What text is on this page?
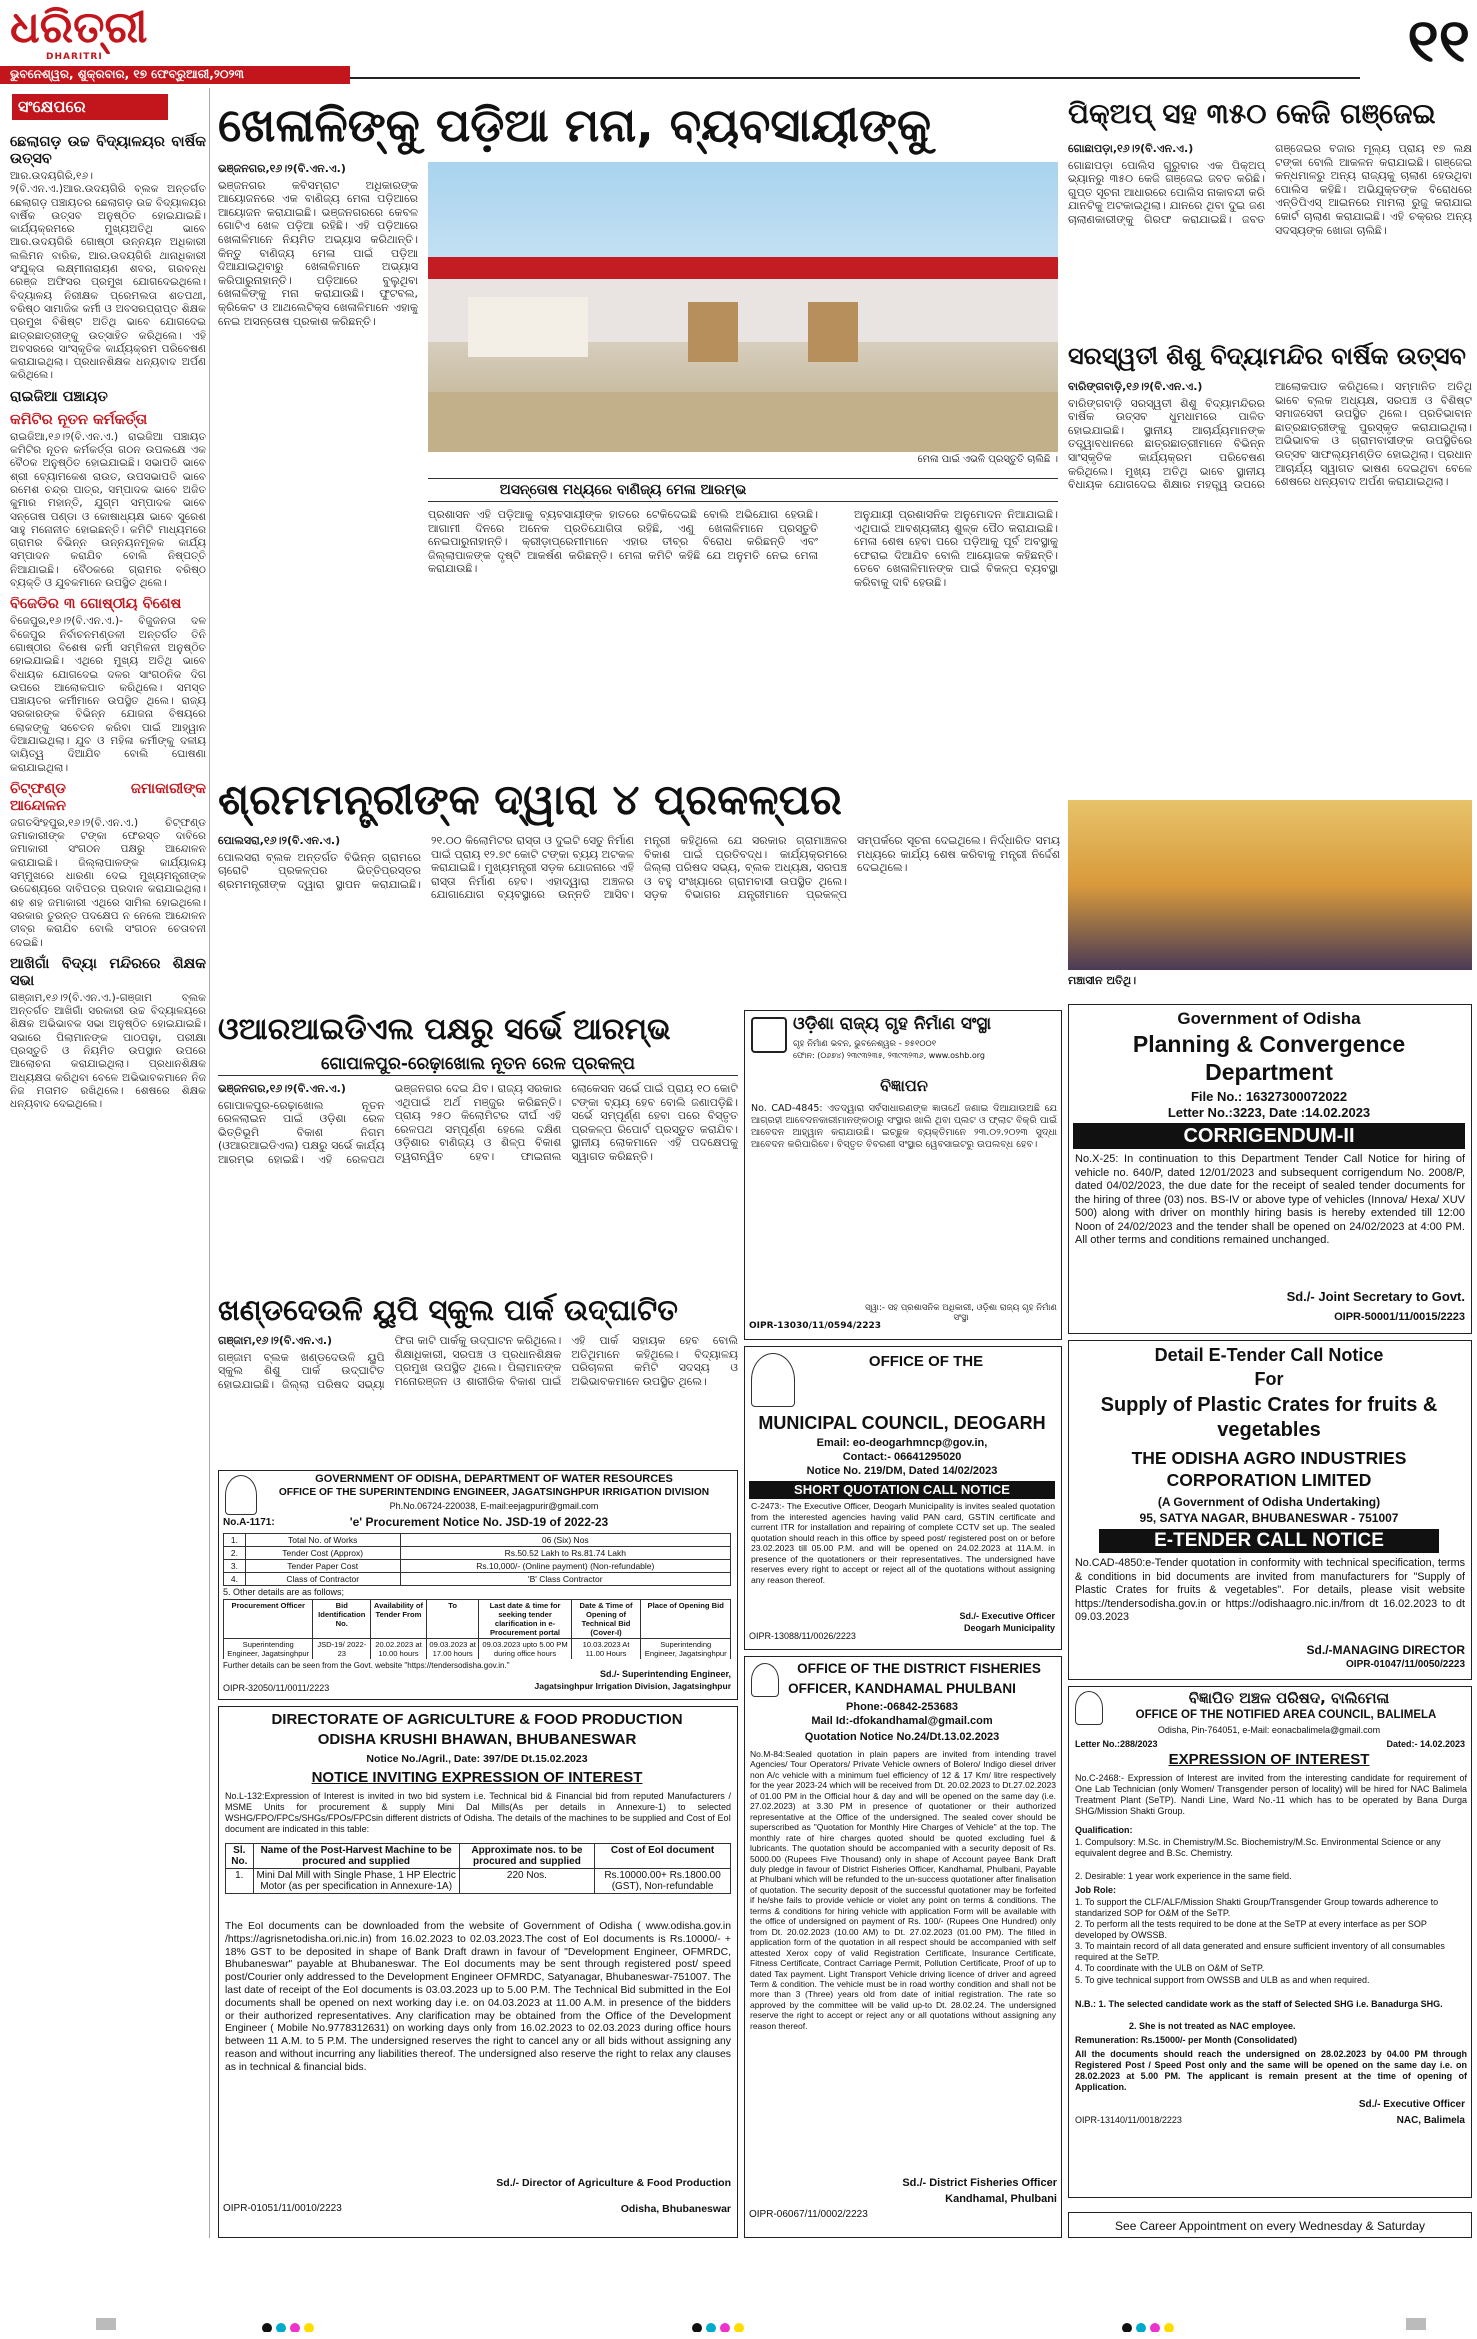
ଧରିତ୍ରୀ
DHARITRI
ଭୁବନେଶ୍ୱର, ଶୁକ୍ରବାର, ୧୭ ଫେବ୍ରୁଆରୀ,୨୦୨୩	୧୧
ସଂକ୍ଷେପରେ
ଛେଲାଗଡ଼ ଉଚ୍ଚ ବିଦ୍ୟାଳୟର ବାର୍ଷିକ ଉତ୍ସବ

ଆର.ଉଦୟଗିରି,୧୬।୨(ବି.ଏନ.ଏ.)ଆର.ଉଦୟଗିରି ବ୍ଲକ ଅନ୍ତର୍ଗତ ଛେଲାଗଡ଼ ପଞ୍ଚାୟତର ଛେଲାଗଡ଼ ଉଚ୍ଚ ବିଦ୍ୟାଳୟର ବାର୍ଷିକ ଉତ୍ସବ ଅନୁଷ୍ଠିତ ହୋଇଯାଇଛି। କାର୍ଯ୍ୟକ୍ରମରେ ମୁଖ୍ୟଅତିଥି ଭାବେ ଆର.ଉଦୟଗିରି ଗୋଷ୍ଠୀ ଉନ୍ନୟନ ଅଧିକାରୀ ଲଲିମନ ବାରିକ, ଆର.ଉଦୟଗିରି ଥାନାଧିକାରୀ ସଂଯୁକ୍ତା ଲକ୍ଷ୍ମୀନାରାୟଣ ଶବର, ଗରବନ୍ଧ ରେଞ୍ଜ ଅଫିସର ପ୍ରମୁଖ ଯୋଗଦେଇଥିଲେ। ବିଦ୍ୟାଳୟ ନିରୀକ୍ଷକ ପ୍ରେମଲତା ଶତପଥୀ, ବରିଷ୍ଠ ସାମାଜିକ କର୍ମୀ ଓ ଅବସରପ୍ରାପ୍ତ ଶିକ୍ଷକ ପ୍ରମୁଖ ବିଶିଷ୍ଟ ଅତିଥି ଭାବେ ଯୋଗଦେଇ ଛାତ୍ରଛାତ୍ରୀଙ୍କୁ ଉତ୍ସାହିତ କରିଥିଲେ। ଏହି ଅବସରରେ ସାଂସ୍କୃତିକ କାର୍ଯ୍ୟକ୍ରମ ପରିବେଷଣ କରାଯାଇଥିଲା। ପ୍ରଧାନଶିକ୍ଷକ ଧନ୍ୟବାଦ ଅର୍ପଣ କରିଥିଲେ।

ରାଇଜିଆ ପଞ୍ଚାୟତ
କମିଟିର ନୂତନ କର୍ମକର୍ତ୍ତା

ରାଇଜିଆ,୧୬।୨(ବି.ଏନ.ଏ.) ରାଇଜିଆ ପଞ୍ଚାୟତ କମିଟିର ନୂତନ କର୍ମକର୍ତ୍ତା ଗଠନ ଉପଲକ୍ଷେ ଏକ ବୈଠକ ଅନୁଷ୍ଠିତ ହୋଇଯାଇଛି। ସଭାପତି ଭାବେ ଶ୍ରୀ ବ୍ୟୋମକେଶ ରାଉତ, ଉପସଭାପତି ଭାବେ ରମେଶ ଚନ୍ଦ୍ର ପାତ୍ର, ସମ୍ପାଦକ ଭାବେ ଅଜିତ କୁମାର ମହାନ୍ତି, ଯୁଗ୍ମ ସମ୍ପାଦକ ଭାବେ ସନ୍ତୋଷ ପଣ୍ଡା ଓ କୋଷାଧ୍ୟକ୍ଷ ଭାବେ ସୁରେଶ ସାହୁ ମନୋନୀତ ହୋଇଛନ୍ତି। କମିଟି ମାଧ୍ୟମରେ ଗ୍ରାମର ବିଭିନ୍ନ ଉନ୍ନୟନମୂଳକ କାର୍ଯ୍ୟ ସମ୍ପାଦନ କରାଯିବ ବୋଲି ନିଷ୍ପତ୍ତି ନିଆଯାଇଛି। ବୈଠକରେ ଗ୍ରାମର ବରିଷ୍ଠ ବ୍ୟକ୍ତି ଓ ଯୁବକମାନେ ଉପସ୍ଥିତ ଥିଲେ।

ବିଜେଡିର ୩ ଗୋଷ୍ଠୀୟ ବିଶେଷ

ବିଜେପୁର,୧୬।୨(ବି.ଏନ.ଏ.)- ବିଜୁଜନତା ଦଳ ବିଜେପୁର ନିର୍ବାଚନମଣ୍ଡଳୀ ଅନ୍ତର୍ଗତ ତିନି ଗୋଷ୍ଠୀର ବିଶେଷ କର୍ମୀ ସମ୍ମିଳନୀ ଅନୁଷ୍ଠିତ ହୋଇଯାଇଛି। ଏଥିରେ ମୁଖ୍ୟ ଅତିଥି ଭାବେ ବିଧାୟକ ଯୋଗଦେଇ ଦଳର ସାଂଗଠନିକ ଦିଗ ଉପରେ ଆଲୋକପାତ କରିଥିଲେ। ସମସ୍ତ ପଞ୍ଚାୟତର କର୍ମୀମାନେ ଉପସ୍ଥିତ ଥିଲେ। ରାଜ୍ୟ ସରକାରଙ୍କ ବିଭିନ୍ନ ଯୋଜନା ବିଷୟରେ ଲୋକଙ୍କୁ ସଚେତନ କରିବା ପାଇଁ ଆହ୍ୱାନ ଦିଆଯାଇଥିଲା। ଯୁବ ଓ ମହିଳା କର୍ମୀଙ୍କୁ ଦଳୀୟ ଦାୟିତ୍ୱ ଦିଆଯିବ ବୋଲି ଘୋଷଣା କରାଯାଇଥିଲା।

ଚିଟ୍‌ଫଣ୍ଡ ଜମାକାରୀଙ୍କ ଆନ୍ଦୋଳନ

ଜଗତସିଂହପୁର,୧୬।୨(ବି.ଏନ.ଏ.) ଚିଟ୍‌ଫଣ୍ଡ ଜମାକାରୀଙ୍କ ଟଙ୍କା ଫେରସ୍ତ ଦାବିରେ ଜମାକାରୀ ସଂଗଠନ ପକ୍ଷରୁ ଆନ୍ଦୋଳନ କରାଯାଇଛି। ଜିଲ୍ଲାପାଳଙ୍କ କାର୍ଯ୍ୟାଳୟ ସମ୍ମୁଖରେ ଧାରଣା ଦେଇ ମୁଖ୍ୟମନ୍ତ୍ରୀଙ୍କ ଉଦ୍ଦେଶ୍ୟରେ ଦାବିପତ୍ର ପ୍ରଦାନ କରାଯାଇଥିଲା। ଶହ ଶହ ଜମାକାରୀ ଏଥିରେ ସାମିଲ ହୋଇଥିଲେ। ସରକାର ତୁରନ୍ତ ପଦକ୍ଷେପ ନ ନେଲେ ଆନ୍ଦୋଳନ ତୀବ୍ର କରାଯିବ ବୋଲି ସଂଗଠନ ଚେତାବନୀ ଦେଇଛି।

ଆଖିଗାଁ ବିଦ୍ୟା ମନ୍ଦିରରେ ଶିକ୍ଷକ ସଭା

ଗଞ୍ଜାମ,୧୬।୨(ବି.ଏନ.ଏ.)-ଗଞ୍ଜାମ ବ୍ଲକ ଅନ୍ତର୍ଗତ ଆଖିଗାଁ ସରକାରୀ ଉଚ୍ଚ ବିଦ୍ୟାଳୟରେ ଶିକ୍ଷକ ଅଭିଭାବକ ସଭା ଅନୁଷ୍ଠିତ ହୋଇଯାଇଛି। ସଭାରେ ପିଲାମାନଙ୍କ ପାଠପଢ଼ା, ପରୀକ୍ଷା ପ୍ରସ୍ତୁତି ଓ ନିୟମିତ ଉପସ୍ଥାନ ଉପରେ ଆଲୋଚନା କରାଯାଇଥିଲା। ପ୍ରଧାନଶିକ୍ଷକ ଅଧ୍ୟକ୍ଷତା କରିଥିବା ବେଳେ ଅଭିଭାବକମାନେ ନିଜ ନିଜ ମତାମତ ରଖିଥିଲେ। ଶେଷରେ ଶିକ୍ଷକ ଧନ୍ୟବାଦ ଦେଇଥିଲେ।

ଖେଳାଳିଙ୍କୁ ପଡ଼ିଆ ମନା, ବ୍ୟବସାୟୀଙ୍କୁ

ଭଞ୍ଜନଗର,୧୬।୨(ବି.ଏନ.ଏ.)

ଭଞ୍ଜନଗର କବିସମ୍ରାଟ ଅଧିକାରଙ୍କ ଆୟୋଜନରେ ଏକ ବାଣିଜ୍ୟ ମେଳା ପଡ଼ିଆରେ ଆୟୋଜନ କରାଯାଇଛି। ଭଞ୍ଜନଗରରେ କେବଳ ଗୋଟିଏ ଖେଳ ପଡ଼ିଆ ରହିଛି। ଏହି ପଡ଼ିଆରେ ଖେଳାଳିମାନେ ନିୟମିତ ଅଭ୍ୟାସ କରିଥାନ୍ତି। କିନ୍ତୁ ବାଣିଜ୍ୟ ମେଳା ପାଇଁ ପଡ଼ିଆ ଦିଆଯାଇଥିବାରୁ ଖେଳାଳିମାନେ ଅଭ୍ୟାସ କରିପାରୁନାହାନ୍ତି। ପଡ଼ିଆରେ ବୁଲୁଥିବା ଖେଳାଳିଙ୍କୁ ମନା କରାଯାଉଛି। ଫୁଟବଲ, କ୍ରିକେଟ ଓ ଆଥଲେଟିକ୍ସ ଖେଳାଳିମାନେ ଏହାକୁ ନେଇ ଅସନ୍ତୋଷ ପ୍ରକାଶ କରିଛନ୍ତି।

ମେଳା ପାଇଁ ଏଭଳି ପ୍ରସ୍ତୁତି ଚାଲିଛି ।
ଅସନ୍ତୋଷ ମଧ୍ୟରେ ବାଣିଜ୍ୟ ମେଳା ଆରମ୍ଭ

ପ୍ରଶାସନ ଏହି ପଡ଼ିଆକୁ ବ୍ୟବସାୟୀଙ୍କ ହାତରେ ଟେକିଦେଇଛି ବୋଲି ଅଭିଯୋଗ ହେଉଛି। ଆଗାମୀ ଦିନରେ ଅନେକ ପ୍ରତିଯୋଗିତା ରହିଛି, ଏଣୁ ଖେଳାଳିମାନେ ପ୍ରସ୍ତୁତି ନେଇପାରୁନାହାନ୍ତି। କ୍ରୀଡ଼ାପ୍ରେମୀମାନେ ଏହାର ତୀବ୍ର ବିରୋଧ କରିଛନ୍ତି ଏବଂ ଜିଲ୍ଲାପାଳଙ୍କ ଦୃଷ୍ଟି ଆକର୍ଷଣ କରିଛନ୍ତି। ମେଳା କମିଟି କହିଛି ଯେ ଅନୁମତି ନେଇ ମେଳା କରାଯାଉଛି।

ଅନୁଯାୟୀ ପ୍ରଶାସନିକ ଅନୁମୋଦନ ନିଆଯାଇଛି। ଏଥିପାଇଁ ଆବଶ୍ୟକୀୟ ଶୁଳ୍କ ପୈଠ କରାଯାଇଛି। ମେଳା ଶେଷ ହେବା ପରେ ପଡ଼ିଆକୁ ପୂର୍ବ ଅବସ୍ଥାକୁ ଫେରାଇ ଦିଆଯିବ ବୋଲି ଆୟୋଜକ କହିଛନ୍ତି। ତେବେ ଖେଳାଳିମାନଙ୍କ ପାଇଁ ବିକଳ୍ପ ବ୍ୟବସ୍ଥା କରିବାକୁ ଦାବି ହେଉଛି।

ପିକ୍‌ଅପ୍‌ ସହ ୩୫୦ କେଜି ଗଞ୍ଜେଇ

ଗୋଛାପଡ଼ା,୧୬।୨(ବି.ଏନ.ଏ.)

ଗୋଛାପଡ଼ା ପୋଲିସ ଗୁରୁବାର ଏକ ପିକ୍‌ଅପ୍‌ ଭ୍ୟାନରୁ ୩୫୦ କେଜି ଗଞ୍ଜେଇ ଜବତ କରିଛି। ଗୁପ୍ତ ସୂଚନା ଆଧାରରେ ପୋଲିସ ନାକାବନ୍ଦୀ କରି ଯାନଟିକୁ ଅଟକାଇଥିଲା। ଯାନରେ ଥିବା ଦୁଇ ଜଣ ଚାଲାଣକାରୀଙ୍କୁ ଗିରଫ କରାଯାଇଛି। ଜବତ ଗଞ୍ଜେଇର ବଜାର ମୂଲ୍ୟ ପ୍ରାୟ ୧୭ ଲକ୍ଷ ଟଙ୍କା ବୋଲି ଆକଳନ କରାଯାଇଛି। ଗଞ୍ଜେଇ କନ୍ଧମାଳରୁ ଅନ୍ୟ ରାଜ୍ୟକୁ ଚାଲାଣ ହେଉଥିବା ପୋଲିସ କହିଛି। ଅଭିଯୁକ୍ତଙ୍କ ବିରୋଧରେ ଏନ୍‌ଡିପିଏସ୍ ଆଇନରେ ମାମଲା ରୁଜୁ କରାଯାଇ କୋର୍ଟ ଚାଲାଣ କରାଯାଇଛି। ଏହି ଚକ୍ରର ଅନ୍ୟ ସଦସ୍ୟଙ୍କ ଖୋଜା ଚାଲିଛି।

ସରସ୍ୱତୀ ଶିଶୁ ବିଦ୍ୟାମନ୍ଦିର ବାର୍ଷିକ ଉତ୍ସବ

ବାରିଙ୍ଗବାଡ଼ି,୧୬।୨(ବି.ଏନ.ଏ.)

ବାରିଙ୍ଗବାଡ଼ି ସରସ୍ୱତୀ ଶିଶୁ ବିଦ୍ୟାମନ୍ଦିରର ବାର୍ଷିକ ଉତ୍ସବ ଧୁମଧାମରେ ପାଳିତ ହୋଇଯାଇଛି। ସ୍ଥାନୀୟ ଆଚାର୍ଯ୍ୟମାନଙ୍କ ତତ୍ତ୍ୱାବଧାନରେ ଛାତ୍ରଛାତ୍ରୀମାନେ ବିଭିନ୍ନ ସାଂସ୍କୃତିକ କାର୍ଯ୍ୟକ୍ରମ ପରିବେଷଣ କରିଥିଲେ। ମୁଖ୍ୟ ଅତିଥି ଭାବେ ସ୍ଥାନୀୟ ବିଧାୟକ ଯୋଗଦେଇ ଶିକ୍ଷାର ମହତ୍ତ୍ୱ ଉପରେ ଆଲୋକପାତ କରିଥିଲେ। ସମ୍ମାନିତ ଅତିଥି ଭାବେ ବ୍ଲକ ଅଧ୍ୟକ୍ଷ, ସରପଞ୍ଚ ଓ ବିଶିଷ୍ଟ ସମାଜସେବୀ ଉପସ୍ଥିତ ଥିଲେ। ପ୍ରତିଭାବାନ ଛାତ୍ରଛାତ୍ରୀଙ୍କୁ ପୁରସ୍କୃତ କରାଯାଇଥିଲା। ଅଭିଭାବକ ଓ ଗ୍ରାମବାସୀଙ୍କ ଉପସ୍ଥିତିରେ ଉତ୍ସବ ସାଫଲ୍ୟମଣ୍ଡିତ ହୋଇଥିଲା। ପ୍ରଧାନ ଆଚାର୍ଯ୍ୟ ସ୍ୱାଗତ ଭାଷଣ ଦେଇଥିବା ବେଳେ ଶେଷରେ ଧନ୍ୟବାଦ ଅର୍ପଣ କରାଯାଇଥିଲା।

ମଞ୍ଚାସୀନ ଅତିଥି।
ଶ୍ରମମନ୍ତ୍ରୀଙ୍କ ଦ୍ୱାରା ୪ ପ୍ରକଳ୍ପର

ପୋଲସରା,୧୬।୨(ବି.ଏନ.ଏ.)

ପୋଲସରା ବ୍ଲକ ଅନ୍ତର୍ଗତ ବିଭିନ୍ନ ଗ୍ରାମରେ ଚାରୋଟି ପ୍ରକଳ୍ପର ଭିତ୍ତିପ୍ରସ୍ତର ଶ୍ରମମନ୍ତ୍ରୀଙ୍କ ଦ୍ୱାରା ସ୍ଥାପନ କରାଯାଇଛି। ୨୧.୦୦ କିଲୋମିଟର ରାସ୍ତା ଓ ଦୁଇଟି ସେତୁ ନିର୍ମାଣ ପାଇଁ ପ୍ରାୟ ୧୨.୭୯ କୋଟି ଟଙ୍କା ବ୍ୟୟ ଅଟକଳ କରାଯାଇଛି। ମୁଖ୍ୟମନ୍ତ୍ରୀ ସଡ଼କ ଯୋଜନାରେ ଏହି ରାସ୍ତା ନିର୍ମାଣ ହେବ। ଏହାଦ୍ୱାରା ଅଞ୍ଚଳର ଯୋଗାଯୋଗ ବ୍ୟବସ୍ଥାରେ ଉନ୍ନତି ଆସିବ। ମନ୍ତ୍ରୀ କହିଥିଲେ ଯେ ସରକାର ଗ୍ରାମାଞ୍ଚଳର ବିକାଶ ପାଇଁ ପ୍ରତିବଦ୍ଧ। କାର୍ଯ୍ୟକ୍ରମରେ ଜିଲ୍ଲା ପରିଷଦ ସଭ୍ୟ, ବ୍ଲକ ଅଧ୍ୟକ୍ଷ, ସରପଞ୍ଚ ଓ ବହୁ ସଂଖ୍ୟାରେ ଗ୍ରାମବାସୀ ଉପସ୍ଥିତ ଥିଲେ। ସଡ଼କ ବିଭାଗର ଯନ୍ତ୍ରୀମାନେ ପ୍ରକଳ୍ପ ସମ୍ପର୍କରେ ସୂଚନା ଦେଇଥିଲେ। ନିର୍ଦ୍ଧାରିତ ସମୟ ମଧ୍ୟରେ କାର୍ଯ୍ୟ ଶେଷ କରିବାକୁ ମନ୍ତ୍ରୀ ନିର୍ଦ୍ଦେଶ ଦେଇଥିଲେ।

ଓଆରଆଇଡିଏଲ ପକ୍ଷରୁ ସର୍ଭେ ଆରମ୍ଭ
ଗୋପାଳପୁର-ରେଢ଼ାଖୋଲ ନୂତନ ରେଳ ପ୍ରକଳ୍ପ

ଭଞ୍ଜନଗର,୧୬।୨(ବି.ଏନ.ଏ.)

ଗୋପାଳପୁର-ରେଢ଼ାଖୋଲ ନୂତନ ରେଳଲାଇନ ପାଇଁ ଓଡ଼ିଶା ରେଳ ଭିତ୍ତିଭୂମି ବିକାଶ ନିଗମ (ଓଆରଆଇଡିଏଲ) ପକ୍ଷରୁ ସର୍ଭେ କାର୍ଯ୍ୟ ଆରମ୍ଭ ହୋଇଛି। ଏହି ରେଳପଥ ଭଞ୍ଜନଗର ଦେଇ ଯିବ। ରାଜ୍ୟ ସରକାର ଏଥିପାଇଁ ଅର୍ଥ ମଞ୍ଜୁର କରିଛନ୍ତି। ପ୍ରାୟ ୨୫୦ କିଲୋମିଟର ଦୀର୍ଘ ଏହି ରେଳପଥ ସମ୍ପୂର୍ଣ୍ଣ ହେଲେ ଦକ୍ଷିଣ ଓଡ଼ିଶାର ବାଣିଜ୍ୟ ଓ ଶିଳ୍ପ ବିକାଶ ତ୍ୱରାନ୍ୱିତ ହେବ। ଫାଇନାଲ ଲୋକେସନ ସର୍ଭେ ପାଇଁ ପ୍ରାୟ ୧୦ କୋଟି ଟଙ୍କା ବ୍ୟୟ ହେବ ବୋଲି ଜଣାପଡ଼ିଛି। ସର୍ଭେ ସମ୍ପୂର୍ଣ୍ଣ ହେବା ପରେ ବିସ୍ତୃତ ପ୍ରକଳ୍ପ ରିପୋର୍ଟ ପ୍ରସ୍ତୁତ କରାଯିବ। ସ୍ଥାନୀୟ ଲୋକମାନେ ଏହି ପଦକ୍ଷେପକୁ ସ୍ୱାଗତ କରିଛନ୍ତି।

ଖଣ୍ଡଦେଉଳି ୟୁପି ସ୍କୁଲ ପାର୍କ ଉଦ୍‌ଘାଟିତ

ଗଞ୍ଜାମ,୧୬।୨(ବି.ଏନ.ଏ.)

ଗଞ୍ଜାମ ବ୍ଲକ ଖଣ୍ଡଦେଉଳି ୟୁପି ସ୍କୁଲ ଶିଶୁ ପାର୍କ ଉଦ୍‌ଘାଟିତ ହୋଇଯାଇଛି। ଜିଲ୍ଲା ପରିଷଦ ସଭ୍ୟା ଫିତା କାଟି ପାର୍କକୁ ଉଦ୍‌ଘାଟନ କରିଥିଲେ। ଶିକ୍ଷାଧିକାରୀ, ସରପଞ୍ଚ ଓ ପ୍ରଧାନଶିକ୍ଷକ ପ୍ରମୁଖ ଉପସ୍ଥିତ ଥିଲେ। ପିଲାମାନଙ୍କ ମନୋରଞ୍ଜନ ଓ ଶାରୀରିକ ବିକାଶ ପାଇଁ ଏହି ପାର୍କ ସହାୟକ ହେବ ବୋଲି ଅତିଥିମାନେ କହିଥିଲେ। ବିଦ୍ୟାଳୟ ପରିଚାଳନା କମିଟି ସଦସ୍ୟ ଓ ଅଭିଭାବକମାନେ ଉପସ୍ଥିତ ଥିଲେ।

ଓଡ଼ିଶା ରାଜ୍ୟ ଗୃହ ନିର୍ମାଣ ସଂସ୍ଥା
ଗୃହ ନିର୍ମାଣ ଭବନ, ଭୁବନେଶ୍ୱର - ୭୫୧୦୦୧
ଫୋନ: (୦୬୭୪) ୨୩୯୩୨୩୫, ୨୩୯୩୨୩୬, www.oshb.org
ବିଜ୍ଞାପନ
No. CAD-4845: ଏତଦ୍ୱାରା ସର୍ବସାଧାରଣଙ୍କ ଜ୍ଞାତାର୍ଥେ ଜଣାଇ ଦିଆଯାଉଅଛି ଯେ ଆଗ୍ରହୀ ଆବେଦନକାରୀମାନଙ୍କଠାରୁ ସଂସ୍ଥାର ଖାଲି ଥିବା ପ୍ଲଟ ଓ ଫ୍ଲାଟ ବିକ୍ରି ପାଇଁ ଆବେଦନ ଆହ୍ୱାନ କରାଯାଉଛି। ଇଚ୍ଛୁକ ବ୍ୟକ୍ତିମାନେ ୨୩.୦୨.୨୦୨୩ ସୁଦ୍ଧା ଆବେଦନ କରିପାରିବେ। ବିସ୍ତୃତ ବିବରଣୀ ସଂସ୍ଥାର ୱେବସାଇଟରୁ ଉପଲବ୍ଧ ହେବ।
ସ୍ୱା:- ସହ ପ୍ରଶାସନିକ ଅଧିକାରୀ, ଓଡ଼ିଶା ରାଜ୍ୟ ଗୃହ ନିର୍ମାଣ ସଂସ୍ଥା
OIPR-13030/11/0594/2223
Government of Odisha
Planning & Convergence
Department
File No.: 16327300072022
Letter No.:3223, Date :14.02.2023
CORRIGENDUM-II
No.X-25: In continuation to this Department Tender Call Notice for hiring of vehicle no. 640/P, dated 12/01/2023 and subsequent corrigendum No. 2008/P, dated 04/02/2023, the due date for the receipt of sealed tender documents for the hiring of three (03) nos. BS-IV or above type of vehicles (Innova/ Hexa/ XUV 500) along with driver on monthly hiring basis is hereby extended till 12:00 Noon of 24/02/2023 and the tender shall be opened on 24/02/2023 at 4:00 PM. All other terms and conditions remained unchanged.
Sd./- Joint Secretary to Govt.
OIPR-50001/11/0015/2223
OFFICE OF THE
MUNICIPAL COUNCIL, DEOGARH
Email: eo-deogarhmncp@gov.in,
Contact:- 06641295020
Notice No. 219/DM, Dated 14/02/2023
SHORT QUOTATION CALL NOTICE
C-2473:- The Executive Officer, Deogarh Municipality is invites sealed quotation from the interested agencies having valid PAN card, GSTIN certificate and current ITR for installation and repairing of complete CCTV set up. The sealed quotation should reach in this office by speed post/ registered post on or before 23.02.2023 till 05.00 P.M. and will be opened on 24.02.2023 at 11A.M. in presence of the quotationers or their representatives. The undersigned have reserves every right to accept or reject all of the quotations without assigning any reason thereof.
Sd./- Executive Officer
Deogarh Municipality
OIPR-13088/11/0026/2223
Detail E-Tender Call Notice
For
Supply of Plastic Crates for fruits & vegetables
THE ODISHA AGRO INDUSTRIES CORPORATION LIMITED
(A Government of Odisha Undertaking)
95, SATYA NAGAR, BHUBANESWAR - 751007
E-TENDER CALL NOTICE
No.CAD-4850:e-Tender quotation in conformity with technical specification, terms & conditions in bid documents are invited from manufacturers for "Supply of Plastic Crates for fruits & vegetables". For details, please visit website https://tendersodisha.gov.in or https://odishaagro.nic.in/from dt 16.02.2023 to dt 09.03.2023
Sd./-MANAGING DIRECTOR
OIPR-01047/11/0050/2223
GOVERNMENT OF ODISHA, DEPARTMENT OF WATER RESOURCES
OFFICE OF THE SUPERINTENDING ENGINEER, JAGATSINGHPUR IRRIGATION DIVISION
Ph.No.06724-220038, E-mail:eejagpurir@gmail.com
No.A-1171:	'e' Procurement Notice No. JSD-19 of 2022-23
1.	Total No. of Works	06 (Six) Nos
2.	Tender Cost (Approx)	Rs.50.52 Lakh to Rs.81.74 Lakh
3.	Tender Paper Cost	Rs.10,000/- (Online payment) (Non-refundable)
4.	Class of Contractor	'B' Class Contractor
5. Other details are as follows;
Procurement Officer	Bid Identification No.	Availability of Tender From	To	Last date & time for seeking tender clarification in e-Procurement portal	Date & Time of Opening of Technical Bid (Cover-I)	Place of Opening Bid
Superintending Engineer, Jagatsinghpur	JSD-19/ 2022-23	20.02.2023 at 10.00 hours	09.03.2023 at 17.00 hours	09.03.2023 upto 5.00 PM during office hours	10.03.2023 At 11.00 Hours	Superintending Engineer, Jagatsinghpur
Further details can be seen from the Govt. website "https://tendersodisha.gov.in."
Sd./- Superintending Engineer,
Jagatsinghpur Irrigation Division, Jagatsinghpur
OIPR-32050/11/0011/2223
DIRECTORATE OF AGRICULTURE & FOOD PRODUCTION
ODISHA KRUSHI BHAWAN, BHUBANESWAR
Notice No./Agril., Date: 397/DE Dt.15.02.2023
NOTICE INVITING EXPRESSION OF INTEREST
No.L-132:Expression of Interest is invited in two bid system i.e. Technical bid & Financial bid from reputed Manufacturers / MSME Units for procurement & supply Mini Dal Mills(As per details in Annexure-1) to selected WSHG/FPO/FPCs/SHGs/FPOs/FPCsin different districts of Odisha. The details of the machines to be supplied and Cost of EoI document are indicated in this table:
Sl. No.	Name of the Post-Harvest Machine to be procured and supplied	Approximate nos. to be procured and supplied	Cost of EoI document
1.	Mini Dal Mill with Single Phase, 1 HP Electric Motor (as per specification in Annexure-1A)	220 Nos.	Rs.10000.00+ Rs.1800.00 (GST), Non-refundable
The EoI documents can be downloaded from the website of Government of Odisha ( www.odisha.gov.in /https://agrisnetodisha.ori.nic.in) from 16.02.2023 to 02.03.2023.The cost of EoI documents is Rs.10000/- + 18% GST to be deposited in shape of Bank Draft drawn in favour of "Development Engineer, OFMRDC, Bhubaneswar" payable at Bhubaneswar. The EoI documents may be sent through registered post/ speed post/Courier only addressed to the Development Engineer OFMRDC, Satyanagar, Bhubaneswar-751007. The last date of receipt of the EoI documents is 03.03.2023 up to 5.00 P.M. The Technical Bid submitted in the EoI documents shall be opened on next working day i.e. on 04.03.2023 at 11.00 A.M. in presence of the bidders or their authorized representatives. Any clarification may be obtained from the Office of the Development Engineer ( Mobile No.9778312631) on working days only from 16.02.2023 to 02.03.2023 during office hours between 11 A.M. to 5 P.M. The undersigned reserves the right to cancel any or all bids without assigning any reason and without incurring any liabilities thereof. The undersigned also reserve the right to relax any clauses as in technical & financial bids.
Sd./- Director of Agriculture & Food Production
OIPR-01051/11/0010/2223	Odisha, Bhubaneswar
OFFICE OF THE DISTRICT FISHERIES
OFFICER, KANDHAMAL PHULBANI
Phone:-06842-253683
Mail Id:-dfokandhamal@gmail.com
Quotation Notice No.24/Dt.13.02.2023
No.M-84:Sealed quotation in plain papers are invited from intending travel Agencies/ Tour Operators/ Private Vehicle owners of Bolero/ Indigo diesel driver non A/c vehicle with a minimum fuel efficiency of 12 & 17 Km/ litre respectively for the year 2023-24 which will be received from Dt. 20.02.2023 to Dt.27.02.2023 of 01.00 PM in the Official hour & day and will be opened on the same day (i.e. 27.02.2023) at 3.30 PM in presence of quotationer or their authorized representative at the Office of the undersigned. The sealed cover should be superscribed as "Quotation for Monthly Hire Charges of Vehicle" at the top. The monthly rate of hire charges quoted should be quoted excluding fuel & lubricants. The quotation should be accompanied with a security deposit of Rs. 5000.00 (Rupees Five Thousand) only in shape of Account payee Bank Draft duly pledge in favour of District Fisheries Officer, Kandhamal, Phulbani, Payable at Phulbani which will be refunded to the un-success quotationer after finalisation of quotation. The security deposit of the successful quotationer may be forfeited if he/she fails to provide vehicle or violet any point on terms & conditions. The terms & conditions for hiring vehicle with application Form will be available with the office of undersigned on payment of Rs. 100/- (Rupees One Hundred) only from Dt. 20.02.2023 (10.00 AM) to Dt. 27.02.2023 (01.00 PM). The filled in application form of the quotation in all respect should be accompanied with self attested Xerox copy of valid Registration Certificate, Insurance Certificate, Fitness Certificate, Contract Carriage Permit, Pollution Certificate, Proof of up to dated Tax payment. Light Transport Vehicle driving licence of driver and agreed Term & condition. The vehicle must be in road worthy condition and shall not be more than 3 (Three) years old from date of initial registration. The rate so approved by the committee will be valid up-to Dt. 28.02.24. The undersigned reserve the right to accept or reject any or all quotations without assigning any reason thereof.
Sd./- District Fisheries Officer
Kandhamal, Phulbani
OIPR-06067/11/0002/2223
ବିଜ୍ଞାପିତ ଅଞ୍ଚଳ ପରିଷଦ, ବାଲିମେଳା
OFFICE OF THE NOTIFIED AREA COUNCIL, BALIMELA
Odisha, Pin-764051, e-Mail: eonacbalimela@gmail.com
Letter No.:288/2023	Dated:- 14.02.2023
EXPRESSION OF INTEREST
No.C-2468:- Expression of Interest are invited from the interesting candidate for requirement of One Lab Technician (only Women/ Transgender person of locality) will be hired for NAC Balimela Treatment Plant (SeTP). Nandi Line, Ward No.-11 which has to be operated by Bana Durga SHG/Mission Shakti Group.
Qualification:
1. Compulsory: M.Sc. in Chemistry/M.Sc. Biochemistry/M.Sc. Environmental Science or any equivalent degree and B.Sc. Chemistry.
2. Desirable: 1 year work experience in the same field.
Job Role:
1. To support the CLF/ALF/Mission Shakti Group/Transgender Group towards adherence to standarized SOP for O&M of the SeTP.
2. To perform all the tests required to be done at the SeTP at every interface as per SOP developed by OWSSB.
3. To maintain record of all data generated and ensure sufficient inventory of all consumables required at the SeTP.
4. To coordinate with the ULB on O&M of SeTP.
5. To give technical support from OWSSB and ULB as and when required.
N.B.: 1. The selected candidate work as the staff of Selected SHG i.e. Banadurga SHG.
2. She is not treated as NAC employee.
Remuneration: Rs.15000/- per Month (Consolidated)
All the documents should reach the undersigned on 28.02.2023 by 04.00 PM through Registered Post / Speed Post only and the same will be opened on the same day i.e. on 28.02.2023 at 5.00 PM. The applicant is remain present at the time of opening of Application.
Sd./- Executive Officer
OIPR-13140/11/0018/2223	NAC, Balimela
See Career Appointment on every Wednesday & Saturday
